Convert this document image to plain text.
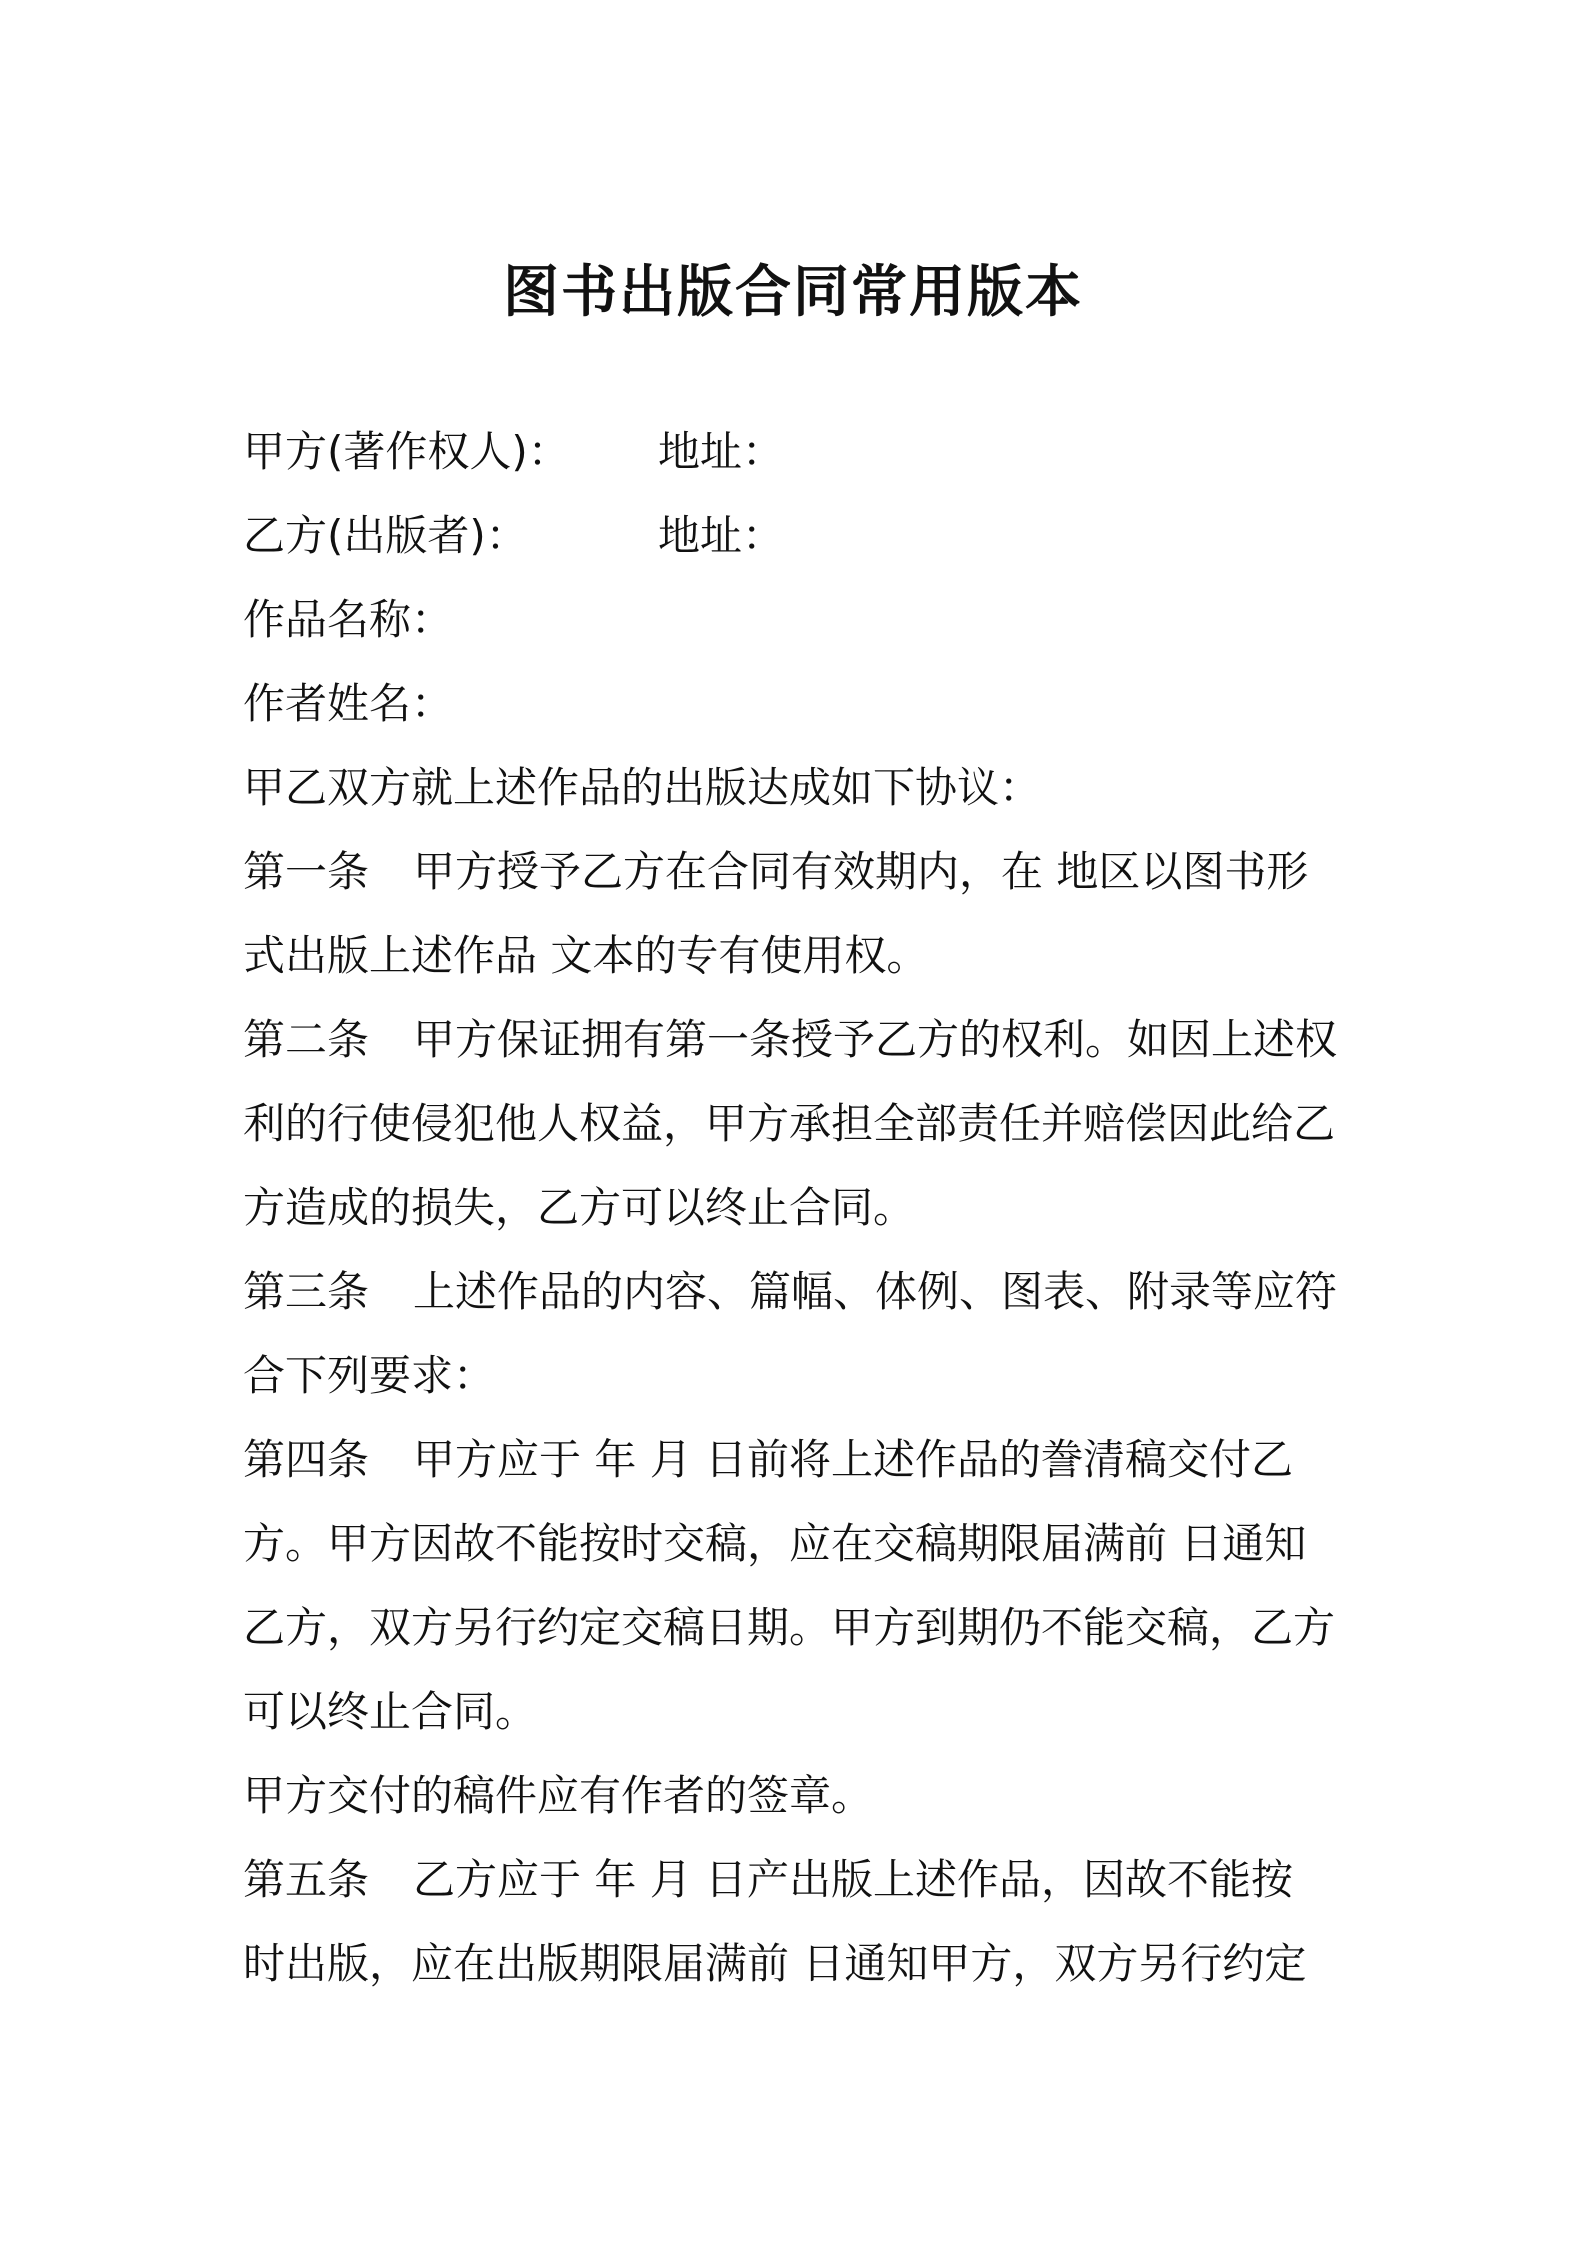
图书出版合同常用版本
甲方(著作权人)：	地址：
乙方(出版者)：	地址：
作品名称：
作者姓名：
甲乙双方就上述作品的出版达成如下协议：
第一条 甲方授予乙方在合同有效期内，在 地区以图书形
式出版上述作品 文本的专有使用权。
第二条 甲方保证拥有第一条授予乙方的权利。如因上述权
利的行使侵犯他人权益，甲方承担全部责任并赔偿因此给乙
方造成的损失，乙方可以终止合同。
第三条 上述作品的内容、篇幅、体例、图表、附录等应符
合下列要求：
第四条 甲方应于 年 月 日前将上述作品的誊清稿交付乙
方。甲方因故不能按时交稿，应在交稿期限届满前 日通知
乙方，双方另行约定交稿日期。甲方到期仍不能交稿，乙方
可以终止合同。
甲方交付的稿件应有作者的签章。
第五条 乙方应于 年 月 日产出版上述作品，因故不能按
时出版，应在出版期限届满前 日通知甲方，双方另行约定
